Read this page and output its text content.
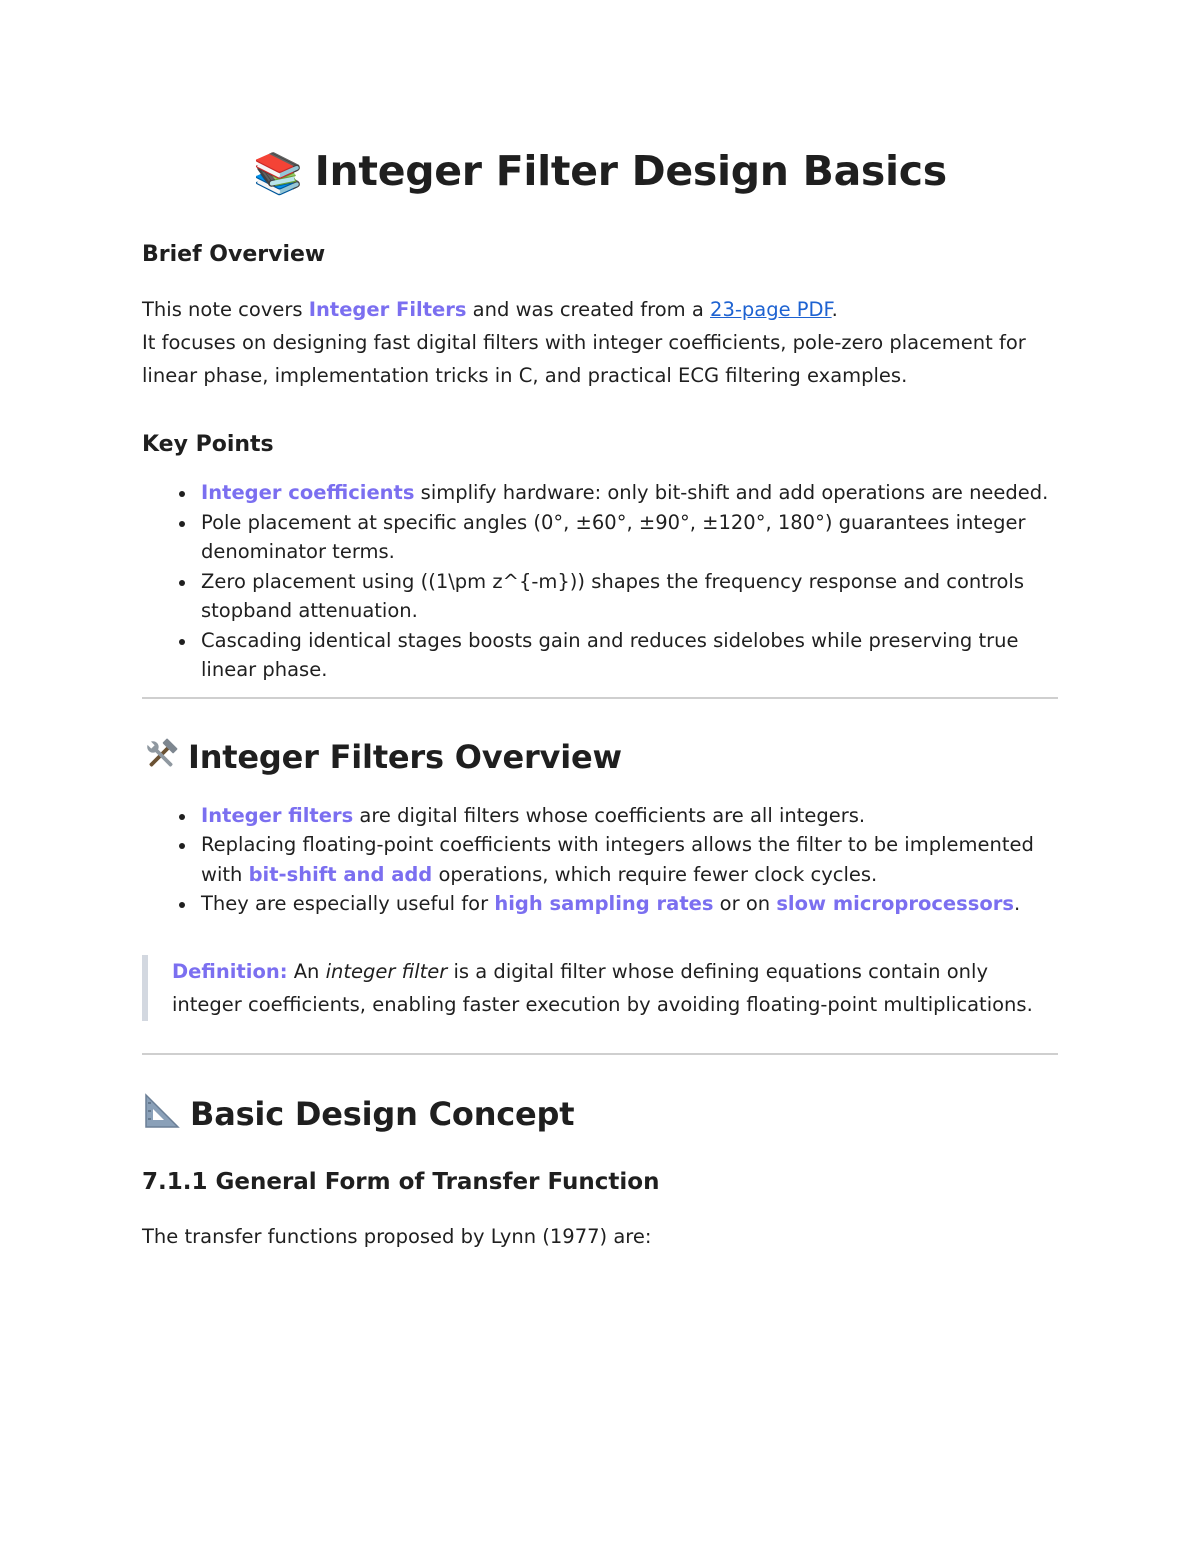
📚 Integer Filter Design Basics
Brief Overview

This note covers Integer Filters and was created from a 23-page PDF.
It focuses on designing fast digital filters with integer coefficients, pole-zero placement for linear phase, implementation tricks in C, and practical ECG filtering examples.

Key Points
Integer coefficients simplify hardware: only bit-shift and add operations are needed.
Pole placement at specific angles (0°, ±60°, ±90°, ±120°, 180°) guarantees integer denominator terms.
Zero placement using ((1\pm z^{-m})) shapes the frequency response and controls stopband attenuation.
Cascading identical stages boosts gain and reduces sidelobes while preserving true linear phase.
Integer Filters Overview
Integer filters are digital filters whose coefficients are all integers.
Replacing floating-point coefficients with integers allows the filter to be implemented with bit-shift and add operations, which require fewer clock cycles.
They are especially useful for high sampling rates or on slow microprocessors.
Definition: An integer filter is a digital filter whose defining equations contain only integer coefficients, enabling faster execution by avoiding floating-point multiplications.
Basic Design Concept
7.1.1 General Form of Transfer Function

The transfer functions proposed by Lynn (1977) are:
